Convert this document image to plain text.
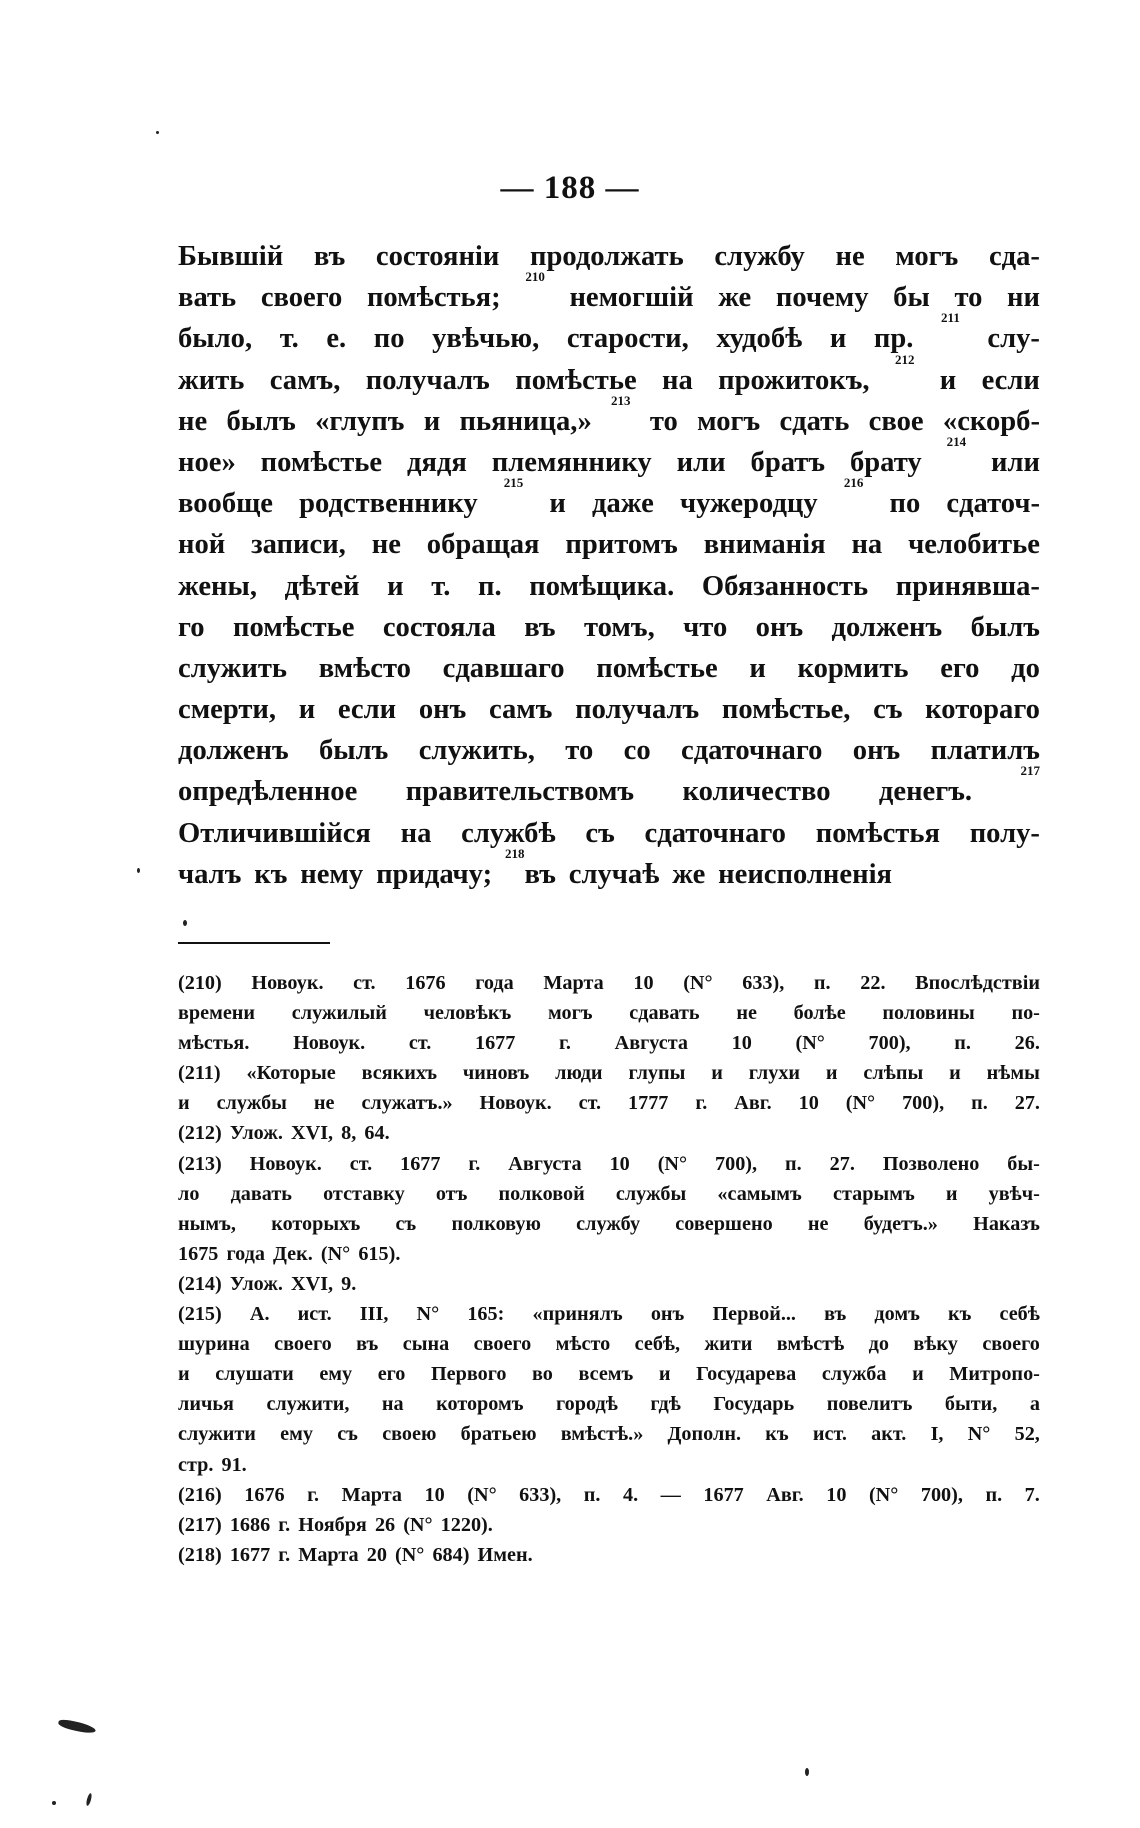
— 188 —
Бывшій въ состояніи продолжать службу не могъ сда-
вать своего помѣстья;
210
немогшій же почему бы то ни
было, т. е. по увѣчью, старости, худобѣ и пр.
211
слу-
жить самъ, получалъ помѣстье на прожитокъ,
212
и если
не былъ «глупъ и пьяница,»
213
то могъ сдать свое «скорб-
ное» помѣстье дядя племяннику или братъ брату
214
или
вообще родственнику
215
и даже чужеродцу
216
по сдаточ-
ной записи, не обращая притомъ вниманія на челобитье
жены, дѣтей и т. п. помѣщика. Обязанность принявша-
го помѣстье состояла въ томъ, что онъ долженъ былъ
служить вмѣсто сдавшаго помѣстье и кормить его до
смерти, и если онъ самъ получалъ помѣстье, съ котораго
долженъ былъ служить, то со сдаточнаго онъ платилъ
опредѣленное правительствомъ количество денегъ.
217
Отличившійся на службѣ съ сдаточнаго помѣстья полу-
чалъ къ нему придачу;
218
въ случаѣ же неисполненія
(210) Новоук. ст. 1676 года Марта 10 (N° 633), п. 22. Впослѣдствіи
времени служилый человѣкъ могъ сдавать не болѣе половины по-
мѣстья. Новоук. ст. 1677 г. Августа 10 (N° 700), п. 26.
(211) «Которые всякихъ чиновъ люди глупы и глухи и слѣпы и нѣмы
и службы не служатъ.» Новоук. ст. 1777 г. Авг. 10 (N° 700), п. 27.
(212) Улож. XVI, 8, 64.
(213) Новоук. ст. 1677 г. Августа 10 (N° 700), п. 27. Позволено бы-
ло давать отставку отъ полковой службы «самымъ старымъ и увѣч-
нымъ, которыхъ съ полковую службу совершено не будетъ.» Наказъ
1675 года Дек. (N° 615).
(214) Улож. XVI, 9.
(215) А. ист. III, N° 165: «принялъ онъ Первой... въ домъ къ себѣ
шурина своего въ сына своего мѣсто себѣ, жити вмѣстѣ до вѣку своего
и слушати ему его Первого во всемъ и Государева служба и Митропо-
личья служити, на которомъ городѣ гдѣ Государь повелитъ быти, а
служити ему съ своею братьею вмѣстѣ.» Дополн. къ ист. акт. I, N° 52,
стр. 91.
(216) 1676 г. Марта 10 (N° 633), п. 4. — 1677 Авг. 10 (N° 700), п. 7.
(217) 1686 г. Ноября 26 (N° 1220).
(218) 1677 г. Марта 20 (N° 684) Имен.
